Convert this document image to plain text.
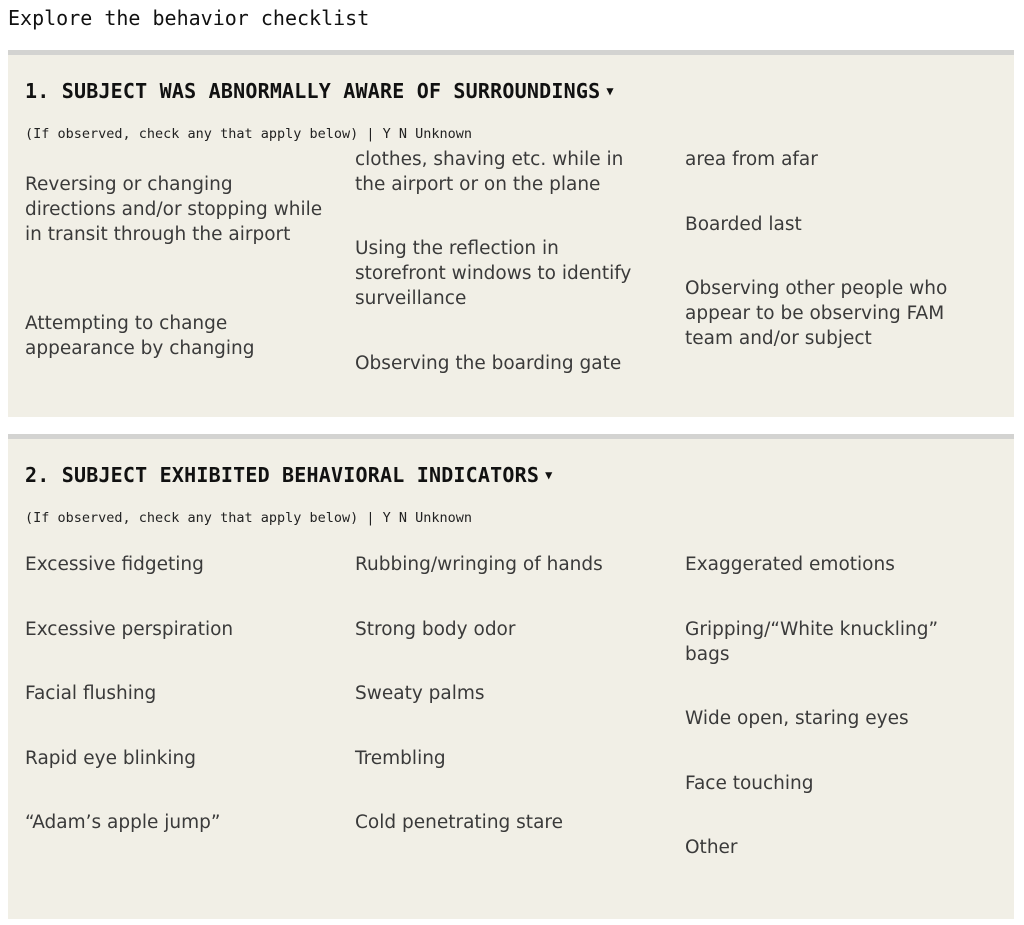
Explore the behavior checklist
1. SUBJECT WAS ABNORMALLY AWARE OF SURROUNDINGS ▼
(If observed, check any that apply below) | Y N Unknown
Reversing or changing directions and/or stopping while in transit through the airport
Attempting to change appearance by changing
clothes, shaving etc. while in the airport or on the plane
Using the reflection in storefront windows to identify surveillance
Observing the boarding gate
area from afar
Boarded last
Observing other people who appear to be observing FAM team and/or subject
2. SUBJECT EXHIBITED BEHAVIORAL INDICATORS ▼
(If observed, check any that apply below) | Y N Unknown
Excessive fidgeting
Excessive perspiration
Facial flushing
Rapid eye blinking
“Adam’s apple jump”
Rubbing/wringing of hands
Strong body odor
Sweaty palms
Trembling
Cold penetrating stare
Exaggerated emotions
Gripping/“White knuckling” bags
Wide open, staring eyes
Face touching
Other
